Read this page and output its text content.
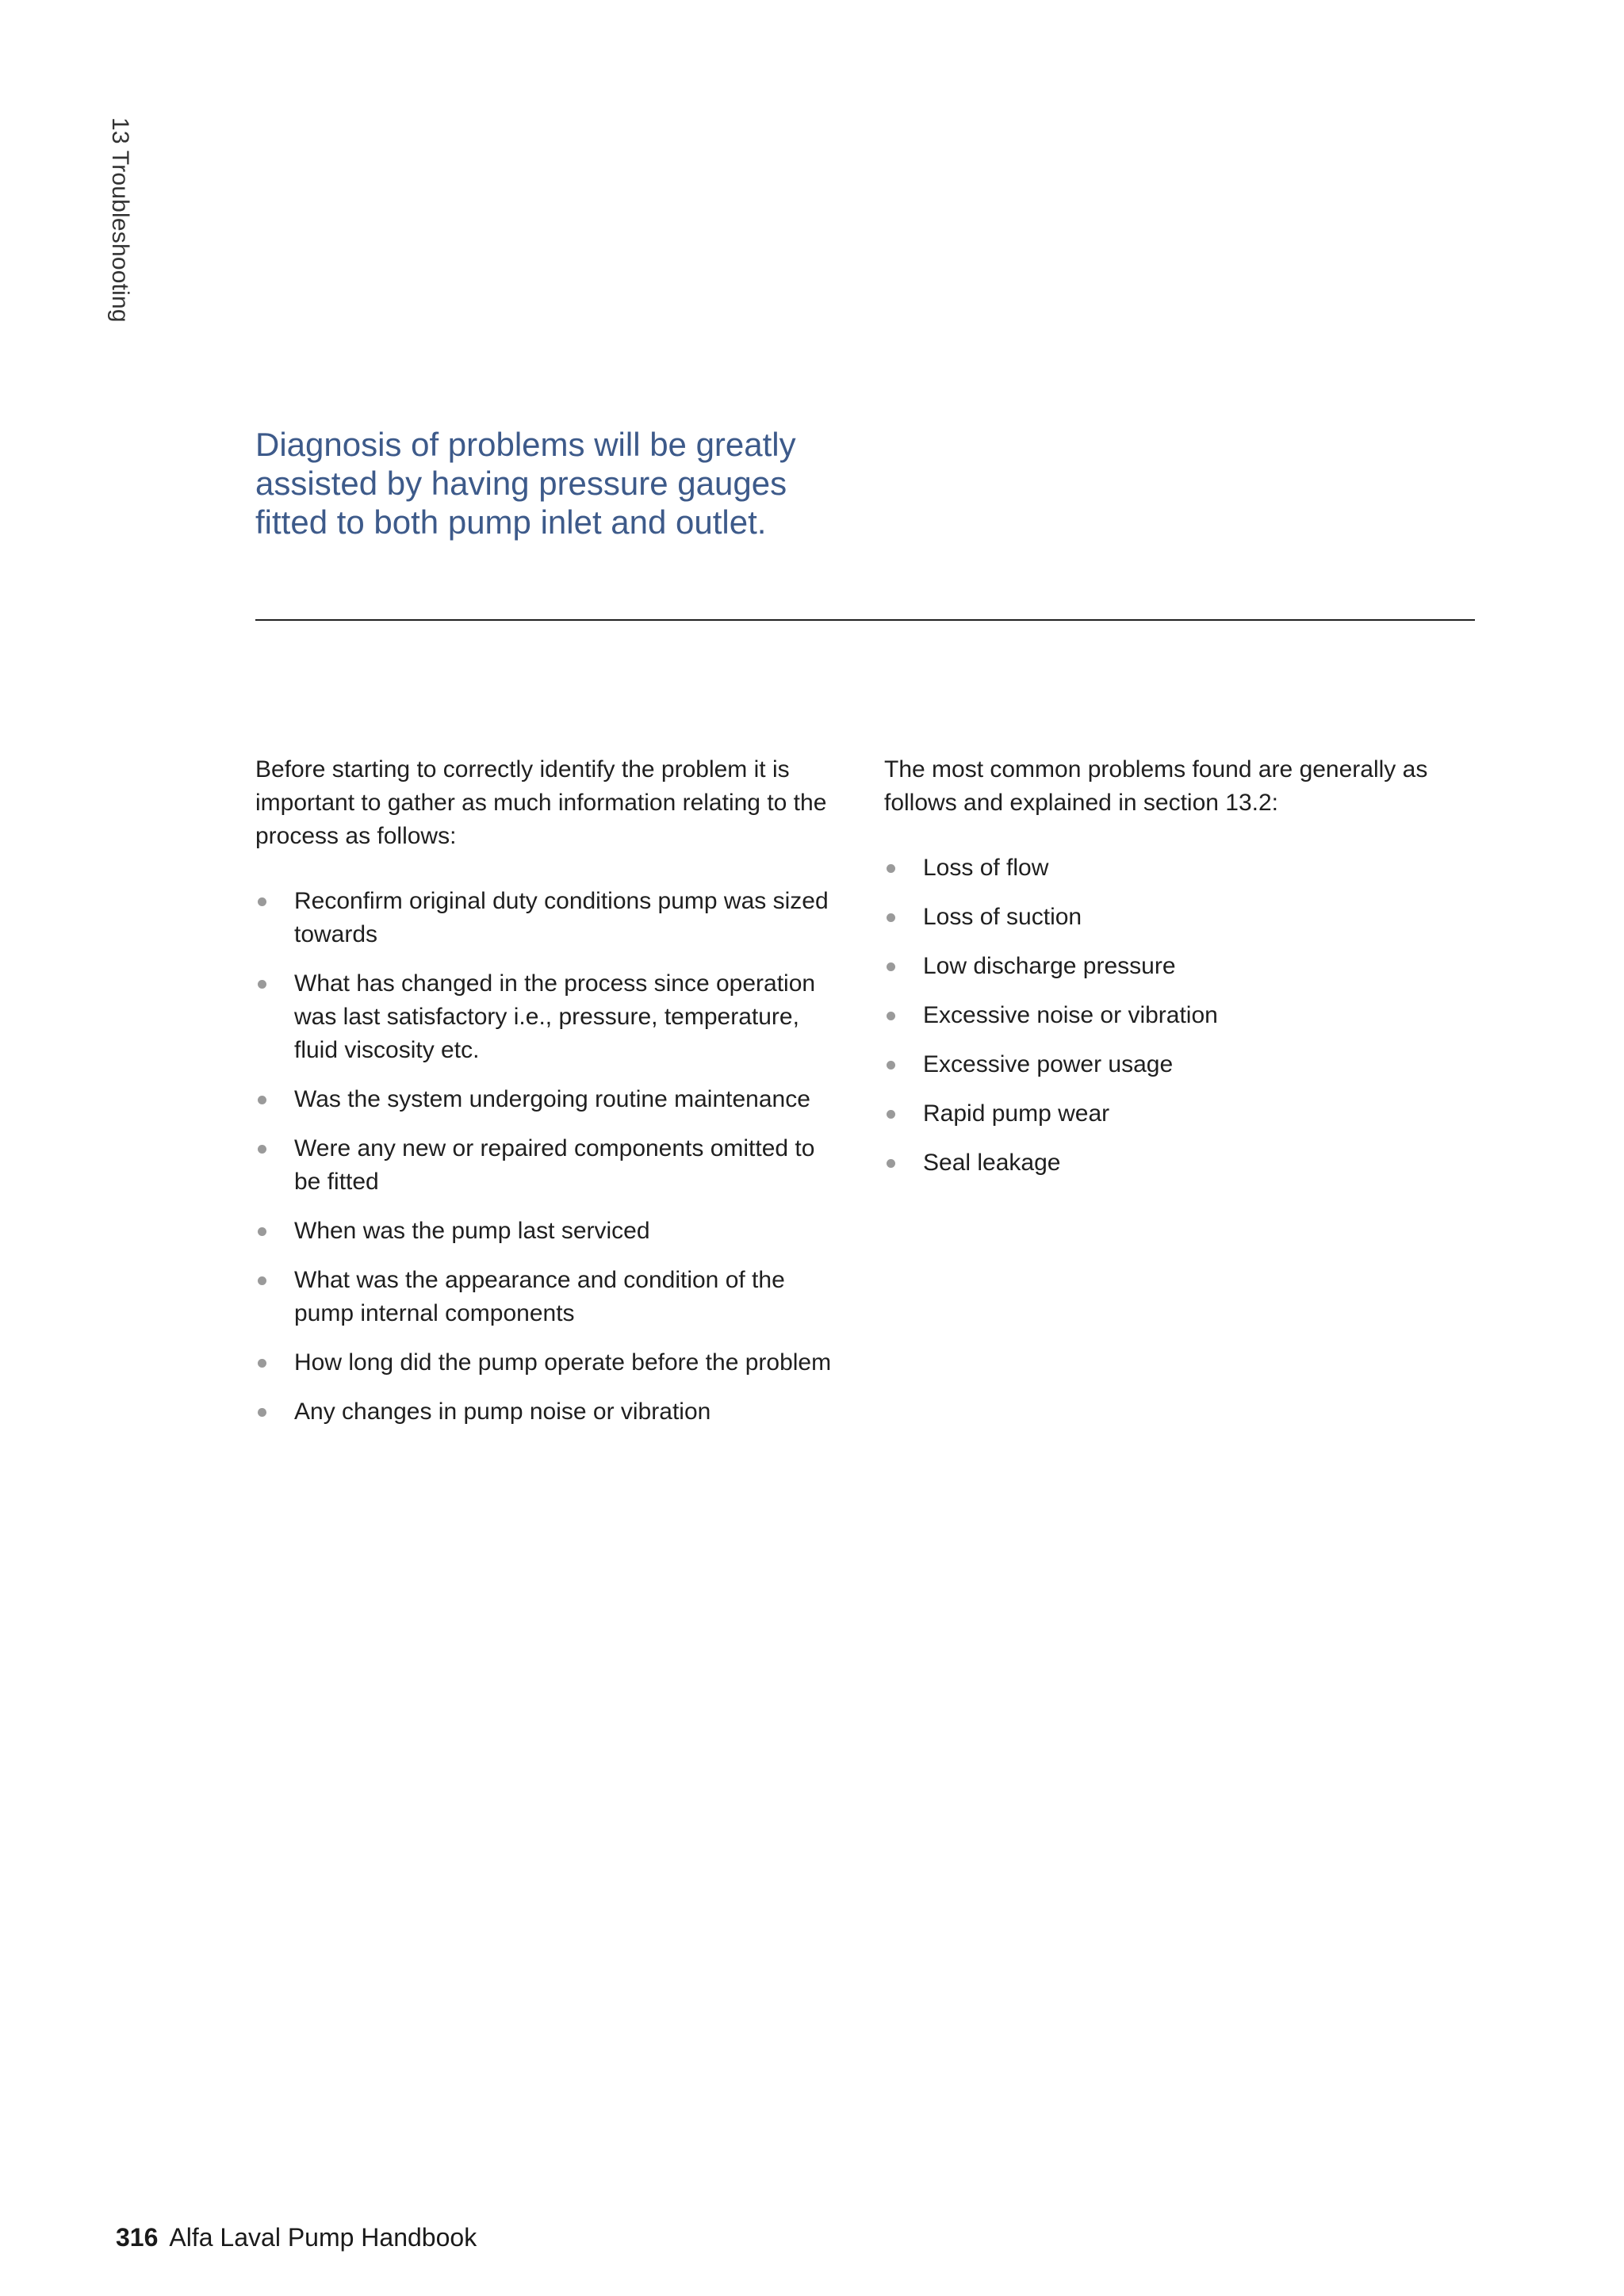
13 Troubleshooting
Diagnosis of problems will be greatly assisted by having pressure gauges fitted to both pump inlet and outlet.

Before starting to correctly identify the problem it is important to gather as much information relating to the process as follows:

Reconfirm original duty conditions pump was sized towards
What has changed in the process since operation was last satisfactory i.e., pressure, temperature, fluid viscosity etc.
Was the system undergoing routine maintenance
Were any new or repaired components omitted to be fitted
When was the pump last serviced
What was the appearance and condition of the pump internal components
How long did the pump operate before the problem
Any changes in pump noise or vibration

The most common problems found are generally as follows and explained in section 13.2:

Loss of flow
Loss of suction
Low discharge pressure
Excessive noise or vibration
Excessive power usage
Rapid pump wear
Seal leakage
316 Alfa Laval Pump Handbook
